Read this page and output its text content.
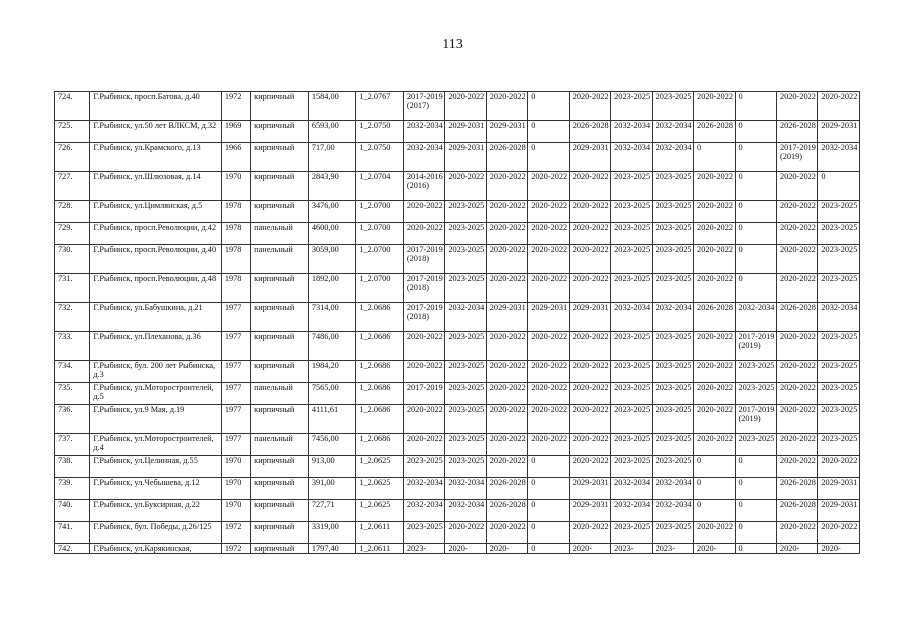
113
724.	Г.Рыбинск, просп.Батова, д.40	1972	кирпичный	1584,00	1_2.0767	2017-2019 (2017)	2020-2022	2020-2022	0	2020-2022	2023-2025	2023-2025	2020-2022	0	2020-2022	2020-2022
725.	Г.Рыбинск, ул.50 лет ВЛКСМ, д.32	1969	кирпичный	6593,00	1_2.0750	2032-2034	2029-2031	2029-2031	0	2026-2028	2032-2034	2032-2034	2026-2028	0	2026-2028	2029-2031
726.	Г.Рыбинск, ул.Крамского, д.13	1966	кирпичный	717,00	1_2.0750	2032-2034	2029-2031	2026-2028	0	2029-2031	2032-2034	2032-2034	0	0	2017-2019 (2019)	2032-2034
727.	Г.Рыбинск, ул.Шлюзовая, д.14	1970	кирпичный	2843,90	1_2.0704	2014-2016 (2016)	2020-2022	2020-2022	2020-2022	2020-2022	2023-2025	2023-2025	2020-2022	0	2020-2022	0
728.	Г.Рыбинск, ул.Цимлянская, д.5	1978	кирпичный	3476,00	1_2.0700	2020-2022	2023-2025	2020-2022	2020-2022	2020-2022	2023-2025	2023-2025	2020-2022	0	2020-2022	2023-2025
729.	Г.Рыбинск, просп.Революции, д.42	1978	панельный	4600,00	1_2.0700	2020-2022	2023-2025	2020-2022	2020-2022	2020-2022	2023-2025	2023-2025	2020-2022	0	2020-2022	2023-2025
730.	Г.Рыбинск, просп.Революции, д.40	1978	панельный	3059,00	1_2.0700	2017-2019 (2018)	2023-2025	2020-2022	2020-2022	2020-2022	2023-2025	2023-2025	2020-2022	0	2020-2022	2023-2025
731.	Г.Рыбинск, просп.Революции, д.48	1978	кирпичный	1892,00	1_2.0700	2017-2019 (2018)	2023-2025	2020-2022	2020-2022	2020-2022	2023-2025	2023-2025	2020-2022	0	2020-2022	2023-2025
732.	Г.Рыбинск, ул.Бабушкина, д.21	1977	кирпичный	7314,00	1_2.0686	2017-2019 (2018)	2032-2034	2029-2031	2029-2031	2029-2031	2032-2034	2032-2034	2026-2028	2032-2034	2026-2028	2032-2034
733.	Г.Рыбинск, ул.Плеханова, д.36	1977	кирпичный	7486,00	1_2.0686	2020-2022	2023-2025	2020-2022	2020-2022	2020-2022	2023-2025	2023-2025	2020-2022	2017-2019 (2019)	2020-2022	2023-2025
734.	Г.Рыбинск, бул. 200 лет Рыбинска, д.3	1977	кирпичный	1984,20	1_2.0686	2020-2022	2023-2025	2020-2022	2020-2022	2020-2022	2023-2025	2023-2025	2020-2022	2023-2025	2020-2022	2023-2025
735.	Г.Рыбинск, ул.Моторостроителей, д.5	1977	панельный	7565,00	1_2.0686	2017-2019	2023-2025	2020-2022	2020-2022	2020-2022	2023-2025	2023-2025	2020-2022	2023-2025	2020-2022	2023-2025
736.	Г.Рыбинск, ул.9 Мая, д.19	1977	кирпичный	4111,61	1_2.0686	2020-2022	2023-2025	2020-2022	2020-2022	2020-2022	2023-2025	2023-2025	2020-2022	2017-2019 (2019)	2020-2022	2023-2025
737.	Г.Рыбинск, ул.Моторостроителей, д.4	1977	панельный	7456,00	1_2.0686	2020-2022	2023-2025	2020-2022	2020-2022	2020-2022	2023-2025	2023-2025	2020-2022	2023-2025	2020-2022	2023-2025
738.	Г.Рыбинск, ул.Целинная, д.55	1970	кирпичный	913,00	1_2.0625	2023-2025	2023-2025	2020-2022	0	2020-2022	2023-2025	2023-2025	0	0	2020-2022	2020-2022
739.	Г.Рыбинск, ул.Чебышева, д.12	1970	кирпичный	391,00	1_2.0625	2032-2034	2032-2034	2026-2028	0	2029-2031	2032-2034	2032-2034	0	0	2026-2028	2029-2031
740.	Г.Рыбинск, ул.Буксирная, д.22	1970	кирпичный	727,71	1_2.0625	2032-2034	2032-2034	2026-2028	0	2029-2031	2032-2034	2032-2034	0	0	2026-2028	2029-2031
741.	Г.Рыбинск, бул. Победы, д.26/125	1972	кирпичный	3319,00	1_2.0611	2023-2025	2020-2022	2020-2022	0	2020-2022	2023-2025	2023-2025	2020-2022	0	2020-2022	2020-2022
742.	Г.Рыбинск, ул.Карякинская,	1972	кирпичный	1797,40	1_2.0611	2023-	2020-	2020-	0	2020-	2023-	2023-	2020-	0	2020-	2020-
